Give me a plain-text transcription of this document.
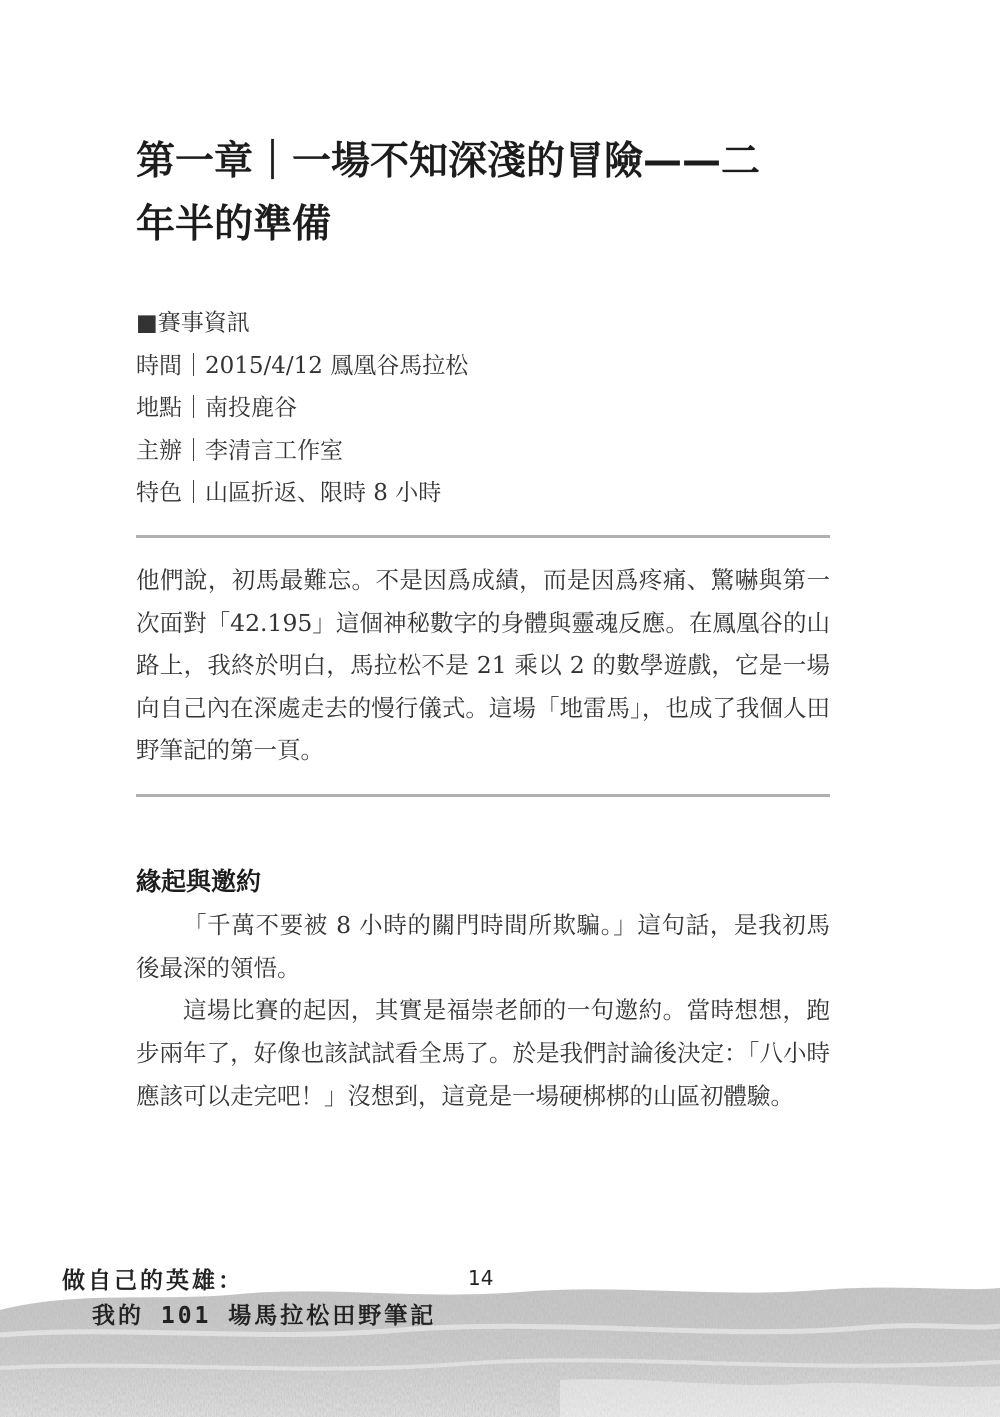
第一章｜一場不知深淺的冒險——二
年半的準備
■賽事資訊
時間｜2015/4/12 鳳凰谷馬拉松
地點｜南投鹿谷
主辦｜李清言工作室
特色｜山區折返、限時 8 小時

他們說，初馬最難忘。不是因爲成績，而是因爲疼痛、驚嚇與第一次面對「42.195」這個神秘數字的身體與靈魂反應。在鳳凰谷的山路上，我終於明白，馬拉松不是 21 乘以 2 的數學遊戲，它是一場向自己內在深處走去的慢行儀式。這場「地雷馬」，也成了我個人田野筆記的第一頁。

緣起與邀約

「千萬不要被 8 小時的關門時間所欺騙。」這句話，是我初馬後最深的領悟。

這場比賽的起因，其實是福崇老師的一句邀約。當時想想，跑步兩年了，好像也該試試看全馬了。於是我們討論後決定：「八小時應該可以走完吧！」沒想到，這竟是一場硬梆梆的山區初體驗。

做自己的英雄：
我的 101 場馬拉松田野筆記
14
